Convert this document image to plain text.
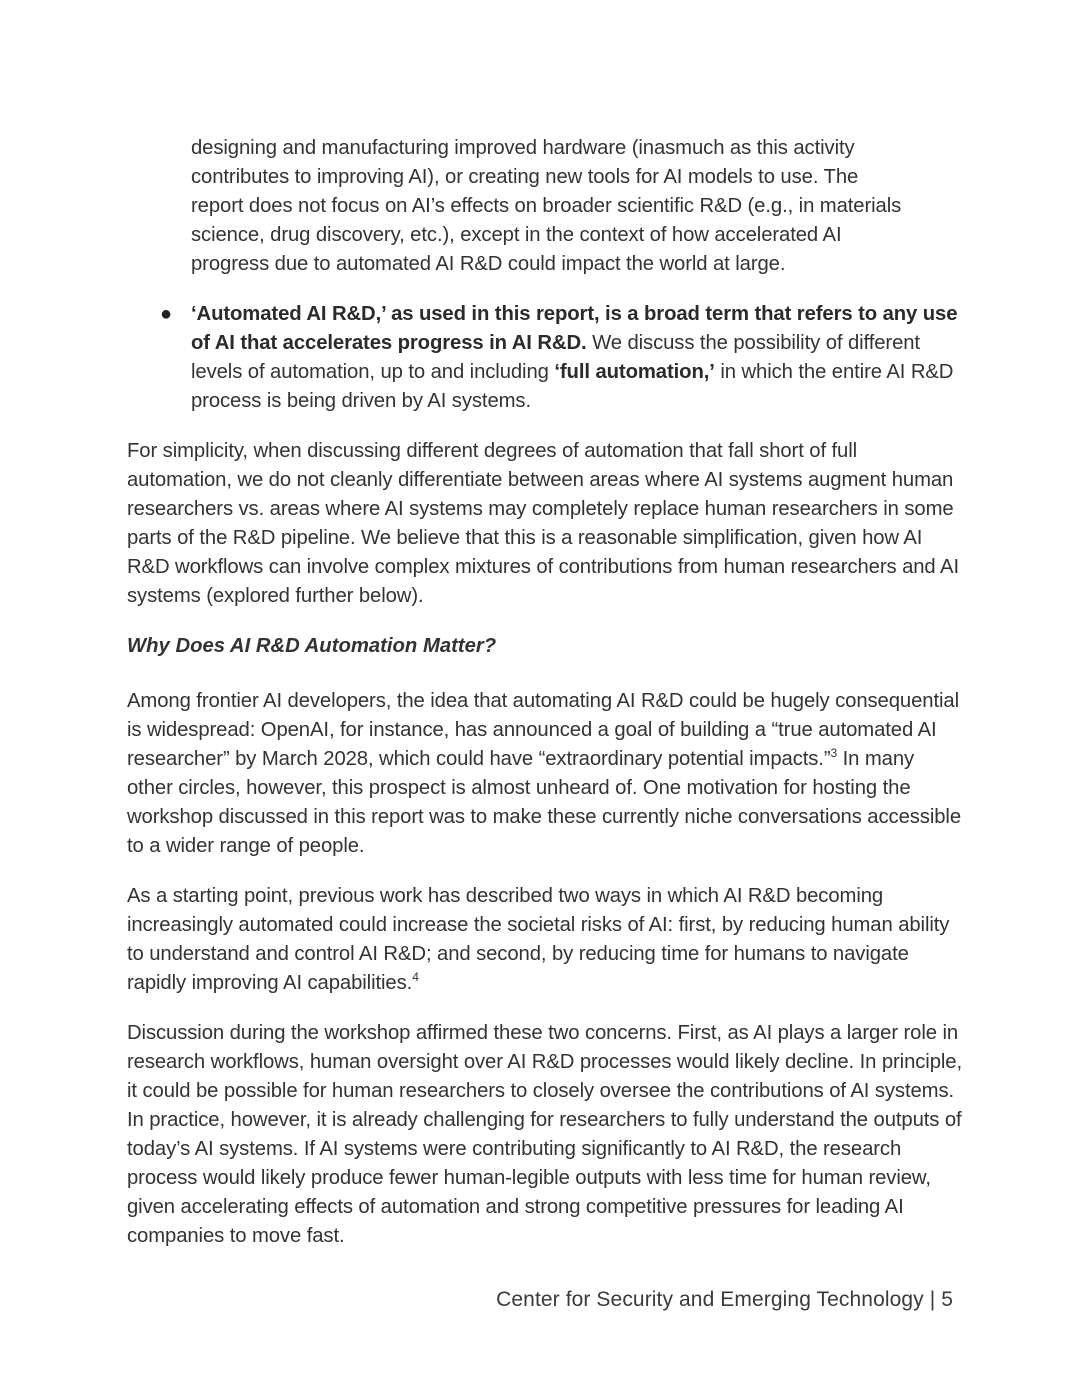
designing and manufacturing improved hardware (inasmuch as this activity
contributes to improving AI), or creating new tools for AI models to use. The
report does not focus on AI’s effects on broader scientific R&D (e.g., in materials
science, drug discovery, etc.), except in the context of how accelerated AI
progress due to automated AI R&D could impact the world at large.
● ‘Automated AI R&D,’ as used in this report, is a broad term that refers to any use of AI that accelerates progress in AI R&D. We discuss the possibility of different levels of automation, up to and including ‘full automation,’ in which the entire AI R&D process is being driven by AI systems.

For simplicity, when discussing different degrees of automation that fall short of full automation, we do not cleanly differentiate between areas where AI systems augment human researchers vs. areas where AI systems may completely replace human researchers in some parts of the R&D pipeline. We believe that this is a reasonable simplification, given how AI R&D workflows can involve complex mixtures of contributions from human researchers and AI systems (explored further below).

Why Does AI R&D Automation Matter?

Among frontier AI developers, the idea that automating AI R&D could be hugely consequential is widespread: OpenAI, for instance, has announced a goal of building a “true automated AI researcher” by March 2028, which could have “extraordinary potential impacts.”$^3$ In many other circles, however, this prospect is almost unheard of. One motivation for hosting the workshop discussed in this report was to make these currently niche conversations accessible to a wider range of people.

As a starting point, previous work has described two ways in which AI R&D becoming increasingly automated could increase the societal risks of AI: first, by reducing human ability to understand and control AI R&D; and second, by reducing time for humans to navigate rapidly improving AI capabilities.$^4$

Discussion during the workshop affirmed these two concerns. First, as AI plays a larger role in research workflows, human oversight over AI R&D processes would likely decline. In principle, it could be possible for human researchers to closely oversee the contributions of AI systems. In practice, however, it is already challenging for researchers to fully understand the outputs of today’s AI systems. If AI systems were contributing significantly to AI R&D, the research process would likely produce fewer human-legible outputs with less time for human review, given accelerating effects of automation and strong competitive pressures for leading AI companies to move fast.

Center for Security and Emerging Technology | 5
